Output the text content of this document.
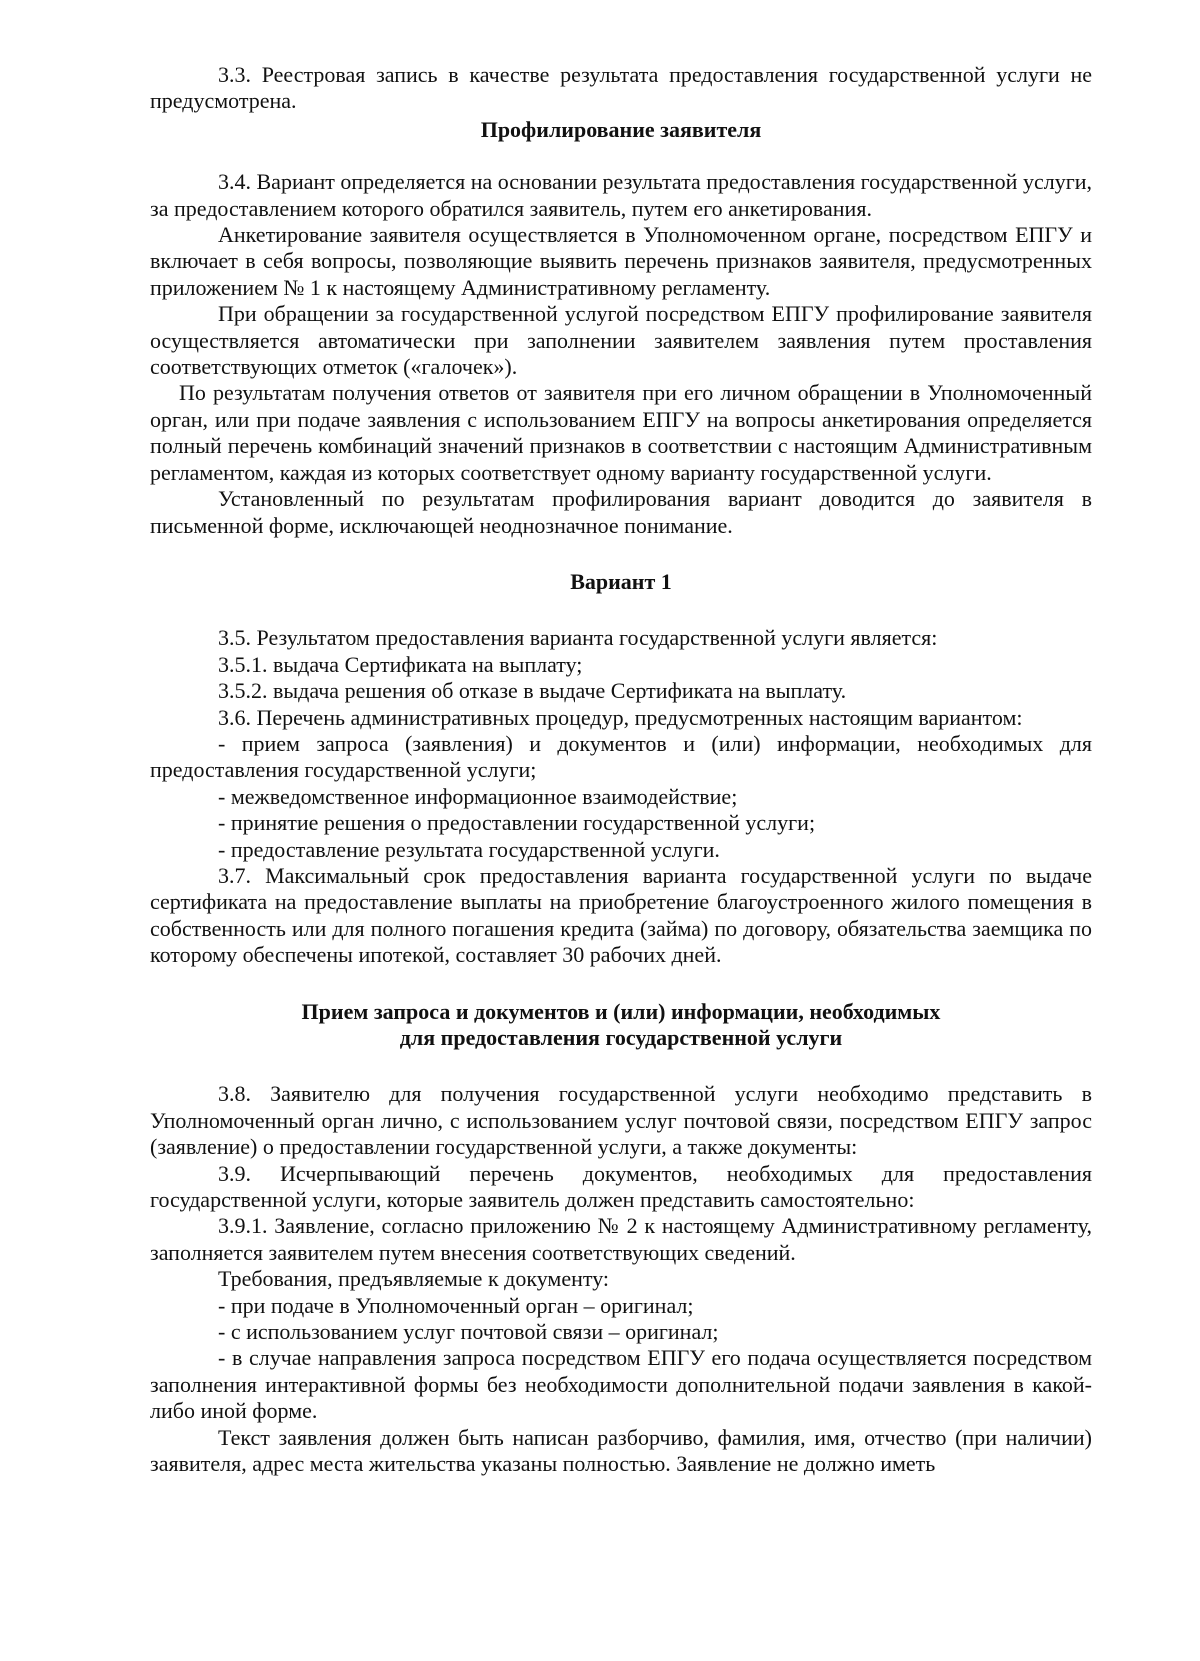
3.3. Реестровая запись в качестве результата предоставления государственной услуги не предусмотрена.

Профилирование заявителя

3.4. Вариант определяется на основании результата предоставления государственной услуги, за предоставлением которого обратился заявитель, путем его анкетирования.

Анкетирование заявителя осуществляется в Уполномоченном органе, посредством ЕПГУ и включает в себя вопросы, позволяющие выявить перечень признаков заявителя, предусмотренных приложением № 1 к настоящему Административному регламенту.

При обращении за государственной услугой посредством ЕПГУ профилирование заявителя осуществляется автоматически при заполнении заявителем заявления путем проставления соответствующих отметок («галочек»).

По результатам получения ответов от заявителя при его личном обращении в Уполномоченный орган, или при подаче заявления с использованием ЕПГУ на вопросы анкетирования определяется полный перечень комбинаций значений признаков в соответствии с настоящим Административным регламентом, каждая из которых соответствует одному варианту государственной услуги.

Установленный по результатам профилирования вариант доводится до заявителя в письменной форме, исключающей неоднозначное понимание.

Вариант 1

3.5. Результатом предоставления варианта государственной услуги является:

3.5.1. выдача Сертификата на выплату;

3.5.2. выдача решения об отказе в выдаче Сертификата на выплату.

3.6. Перечень административных процедур, предусмотренных настоящим вариантом:

- прием запроса (заявления) и документов и (или) информации, необходимых для предоставления государственной услуги;

- межведомственное информационное взаимодействие;

- принятие решения о предоставлении государственной услуги;

- предоставление результата государственной услуги.

3.7. Максимальный срок предоставления варианта государственной услуги по выдаче сертификата на предоставление выплаты на приобретение благоустроенного жилого помещения в собственность или для полного погашения кредита (займа) по договору, обязательства заемщика по которому обеспечены ипотекой, составляет 30 рабочих дней.

Прием запроса и документов и (или) информации, необходимых

для предоставления государственной услуги

3.8. Заявителю для получения государственной услуги необходимо представить в Уполномоченный орган лично, с использованием услуг почтовой связи, посредством ЕПГУ запрос (заявление) о предоставлении государственной услуги, а также документы:

3.9. Исчерпывающий перечень документов, необходимых для предоставления государственной услуги, которые заявитель должен представить самостоятельно:

3.9.1. Заявление, согласно приложению № 2 к настоящему Административному регламенту, заполняется заявителем путем внесения соответствующих сведений.

Требования, предъявляемые к документу:

- при подаче в Уполномоченный орган – оригинал;

- с использованием услуг почтовой связи – оригинал;

- в случае направления запроса посредством ЕПГУ его подача осуществляется посредством заполнения интерактивной формы без необходимости дополнительной подачи заявления в какой-либо иной форме.

Текст заявления должен быть написан разборчиво, фамилия, имя, отчество (при наличии) заявителя, адрес места жительства указаны полностью. Заявление не должно иметь
